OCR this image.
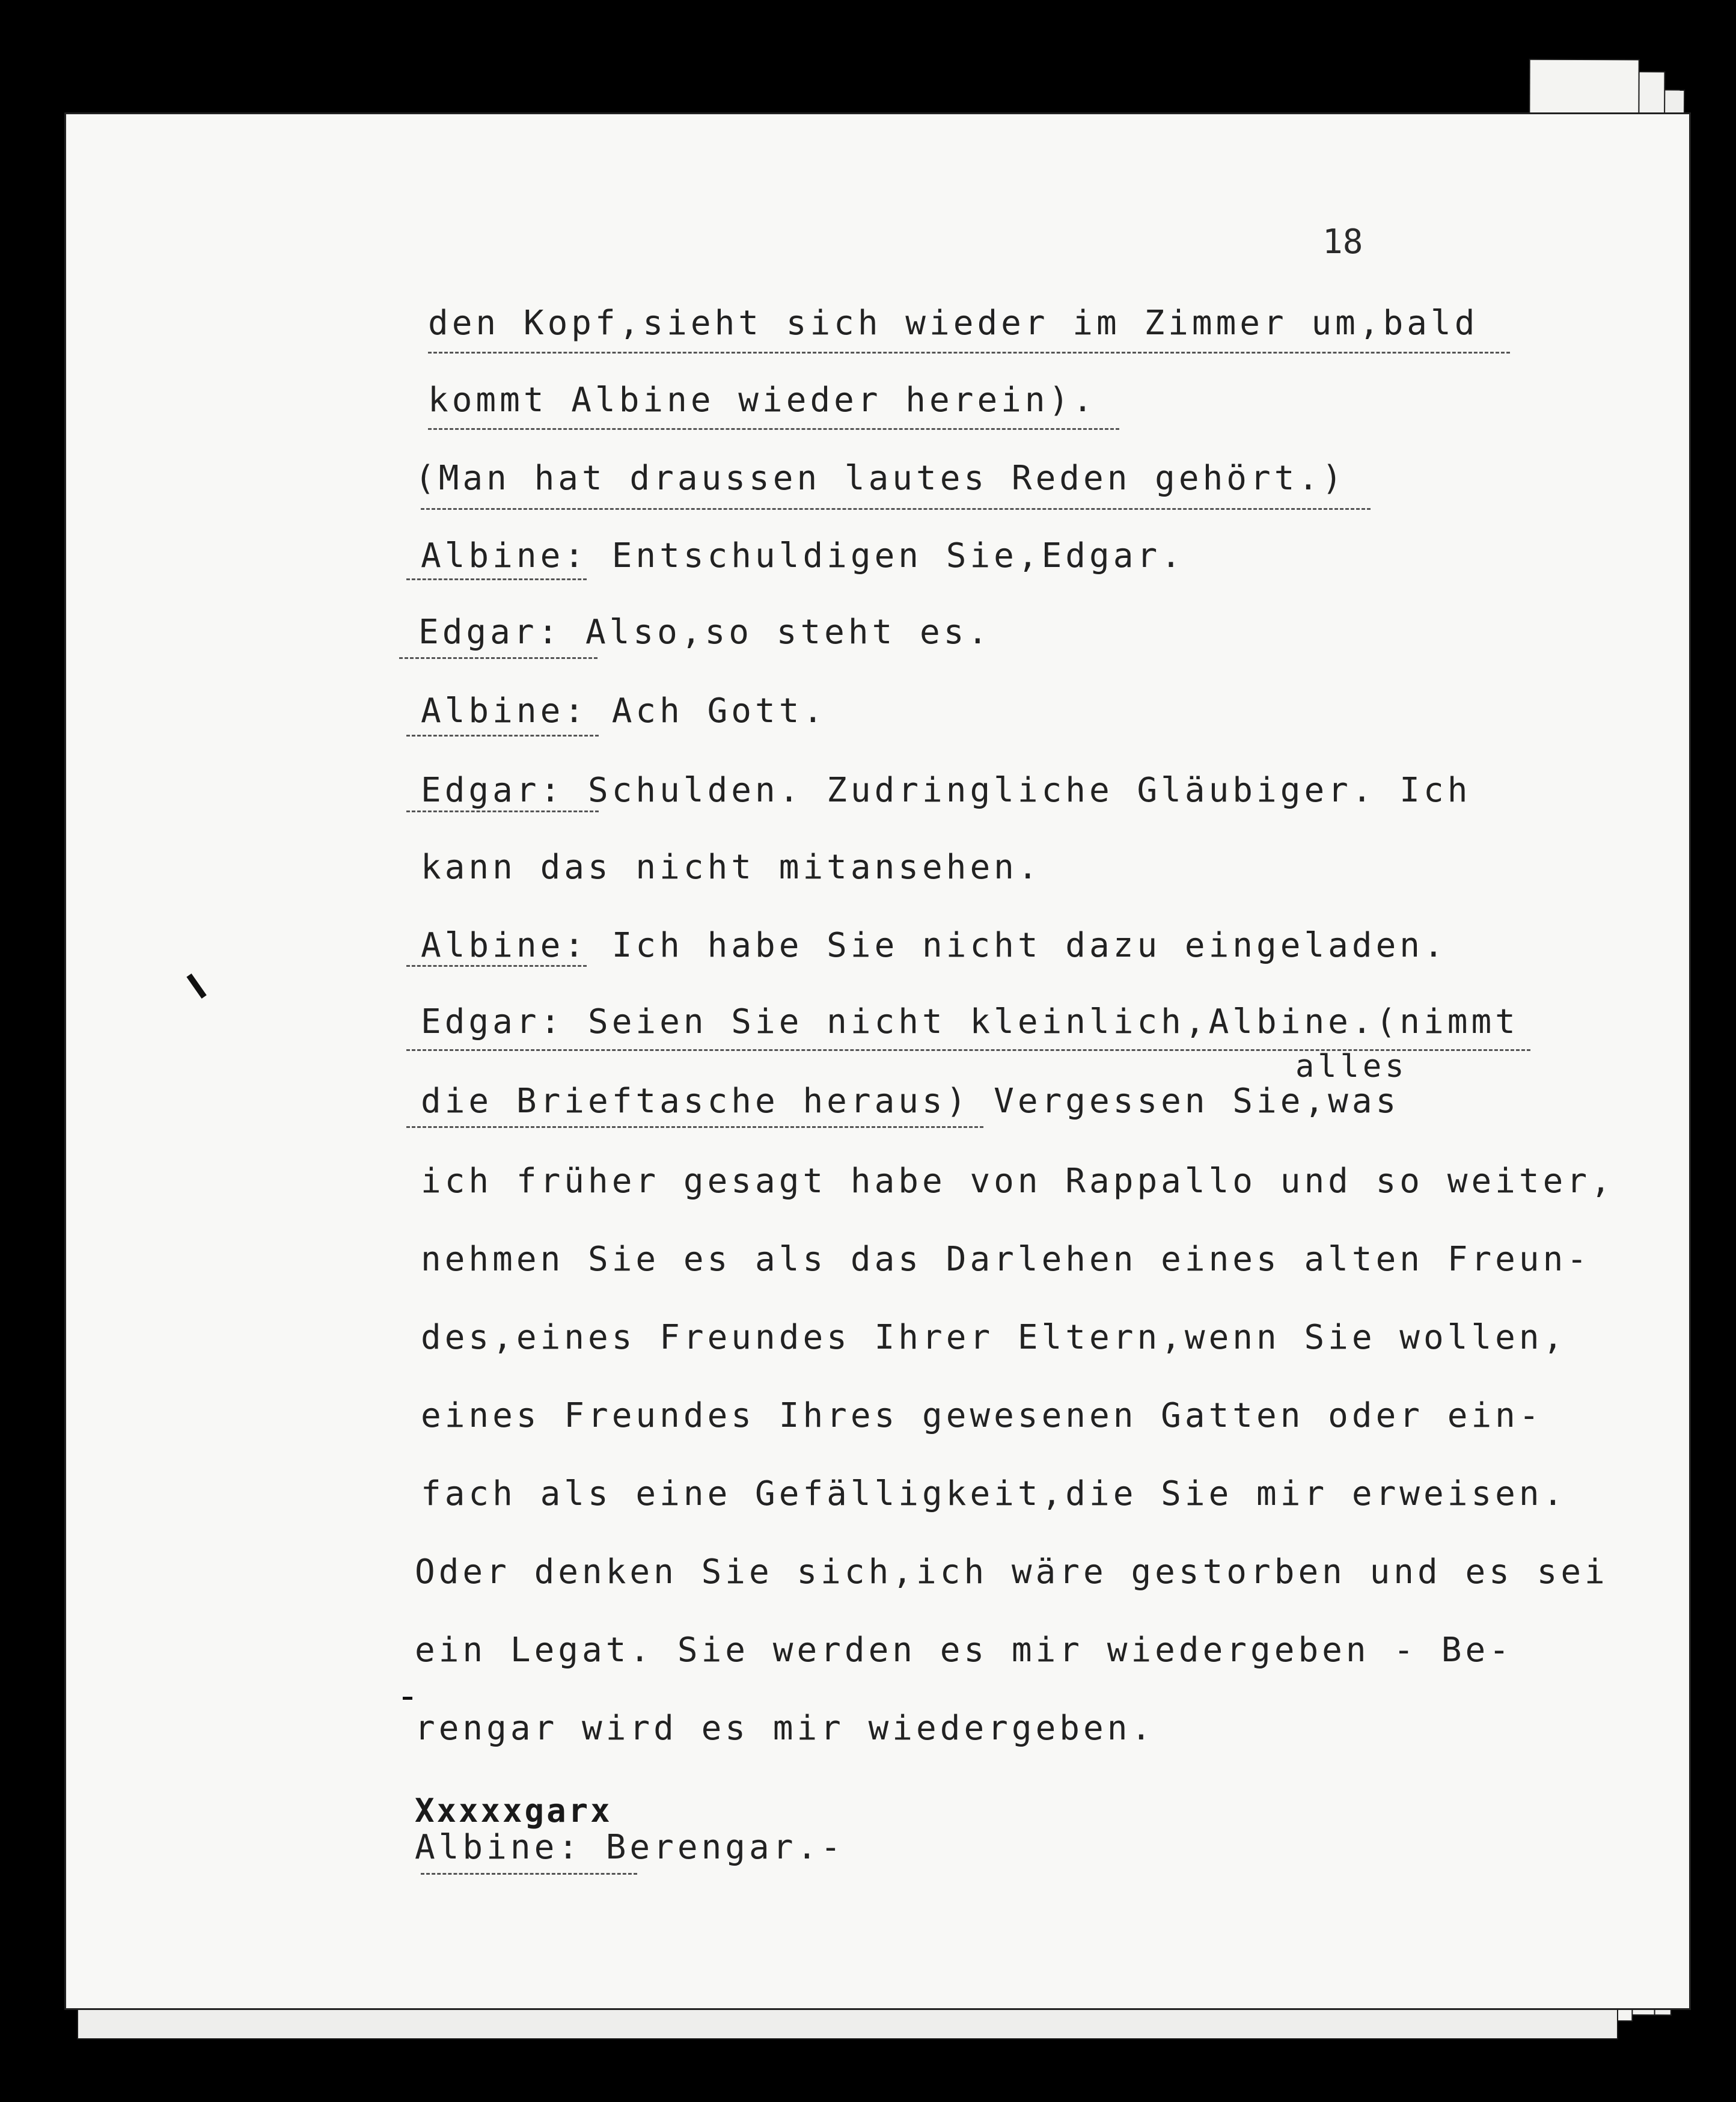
18
den Kopf,sieht sich wieder im Zimmer um,bald
kommt Albine wieder herein).
(Man hat draussen lautes Reden gehört.)
Albine: Entschuldigen Sie,Edgar.
Edgar: Also,so steht es.
Albine: Ach Gott.
Edgar: Schulden. Zudringliche Gläubiger. Ich
kann das nicht mitansehen.
Albine: Ich habe Sie nicht dazu eingeladen.
Edgar: Seien Sie nicht kleinlich,Albine.(nimmt
alles
die Brieftasche heraus) Vergessen Sie,was
ich früher gesagt habe von Rappallo und so weiter,
nehmen Sie es als das Darlehen eines alten Freun-
des,eines Freundes Ihrer Eltern,wenn Sie wollen,
eines Freundes Ihres gewesenen Gatten oder ein-
fach als eine Gefälligkeit,die Sie mir erweisen.
Oder denken Sie sich,ich wäre gestorben und es sei
ein Legat. Sie werden es mir wiedergeben - Be-
rengar wird es mir wiedergeben.
Xxxxxgarx
Albine: Berengar.-
